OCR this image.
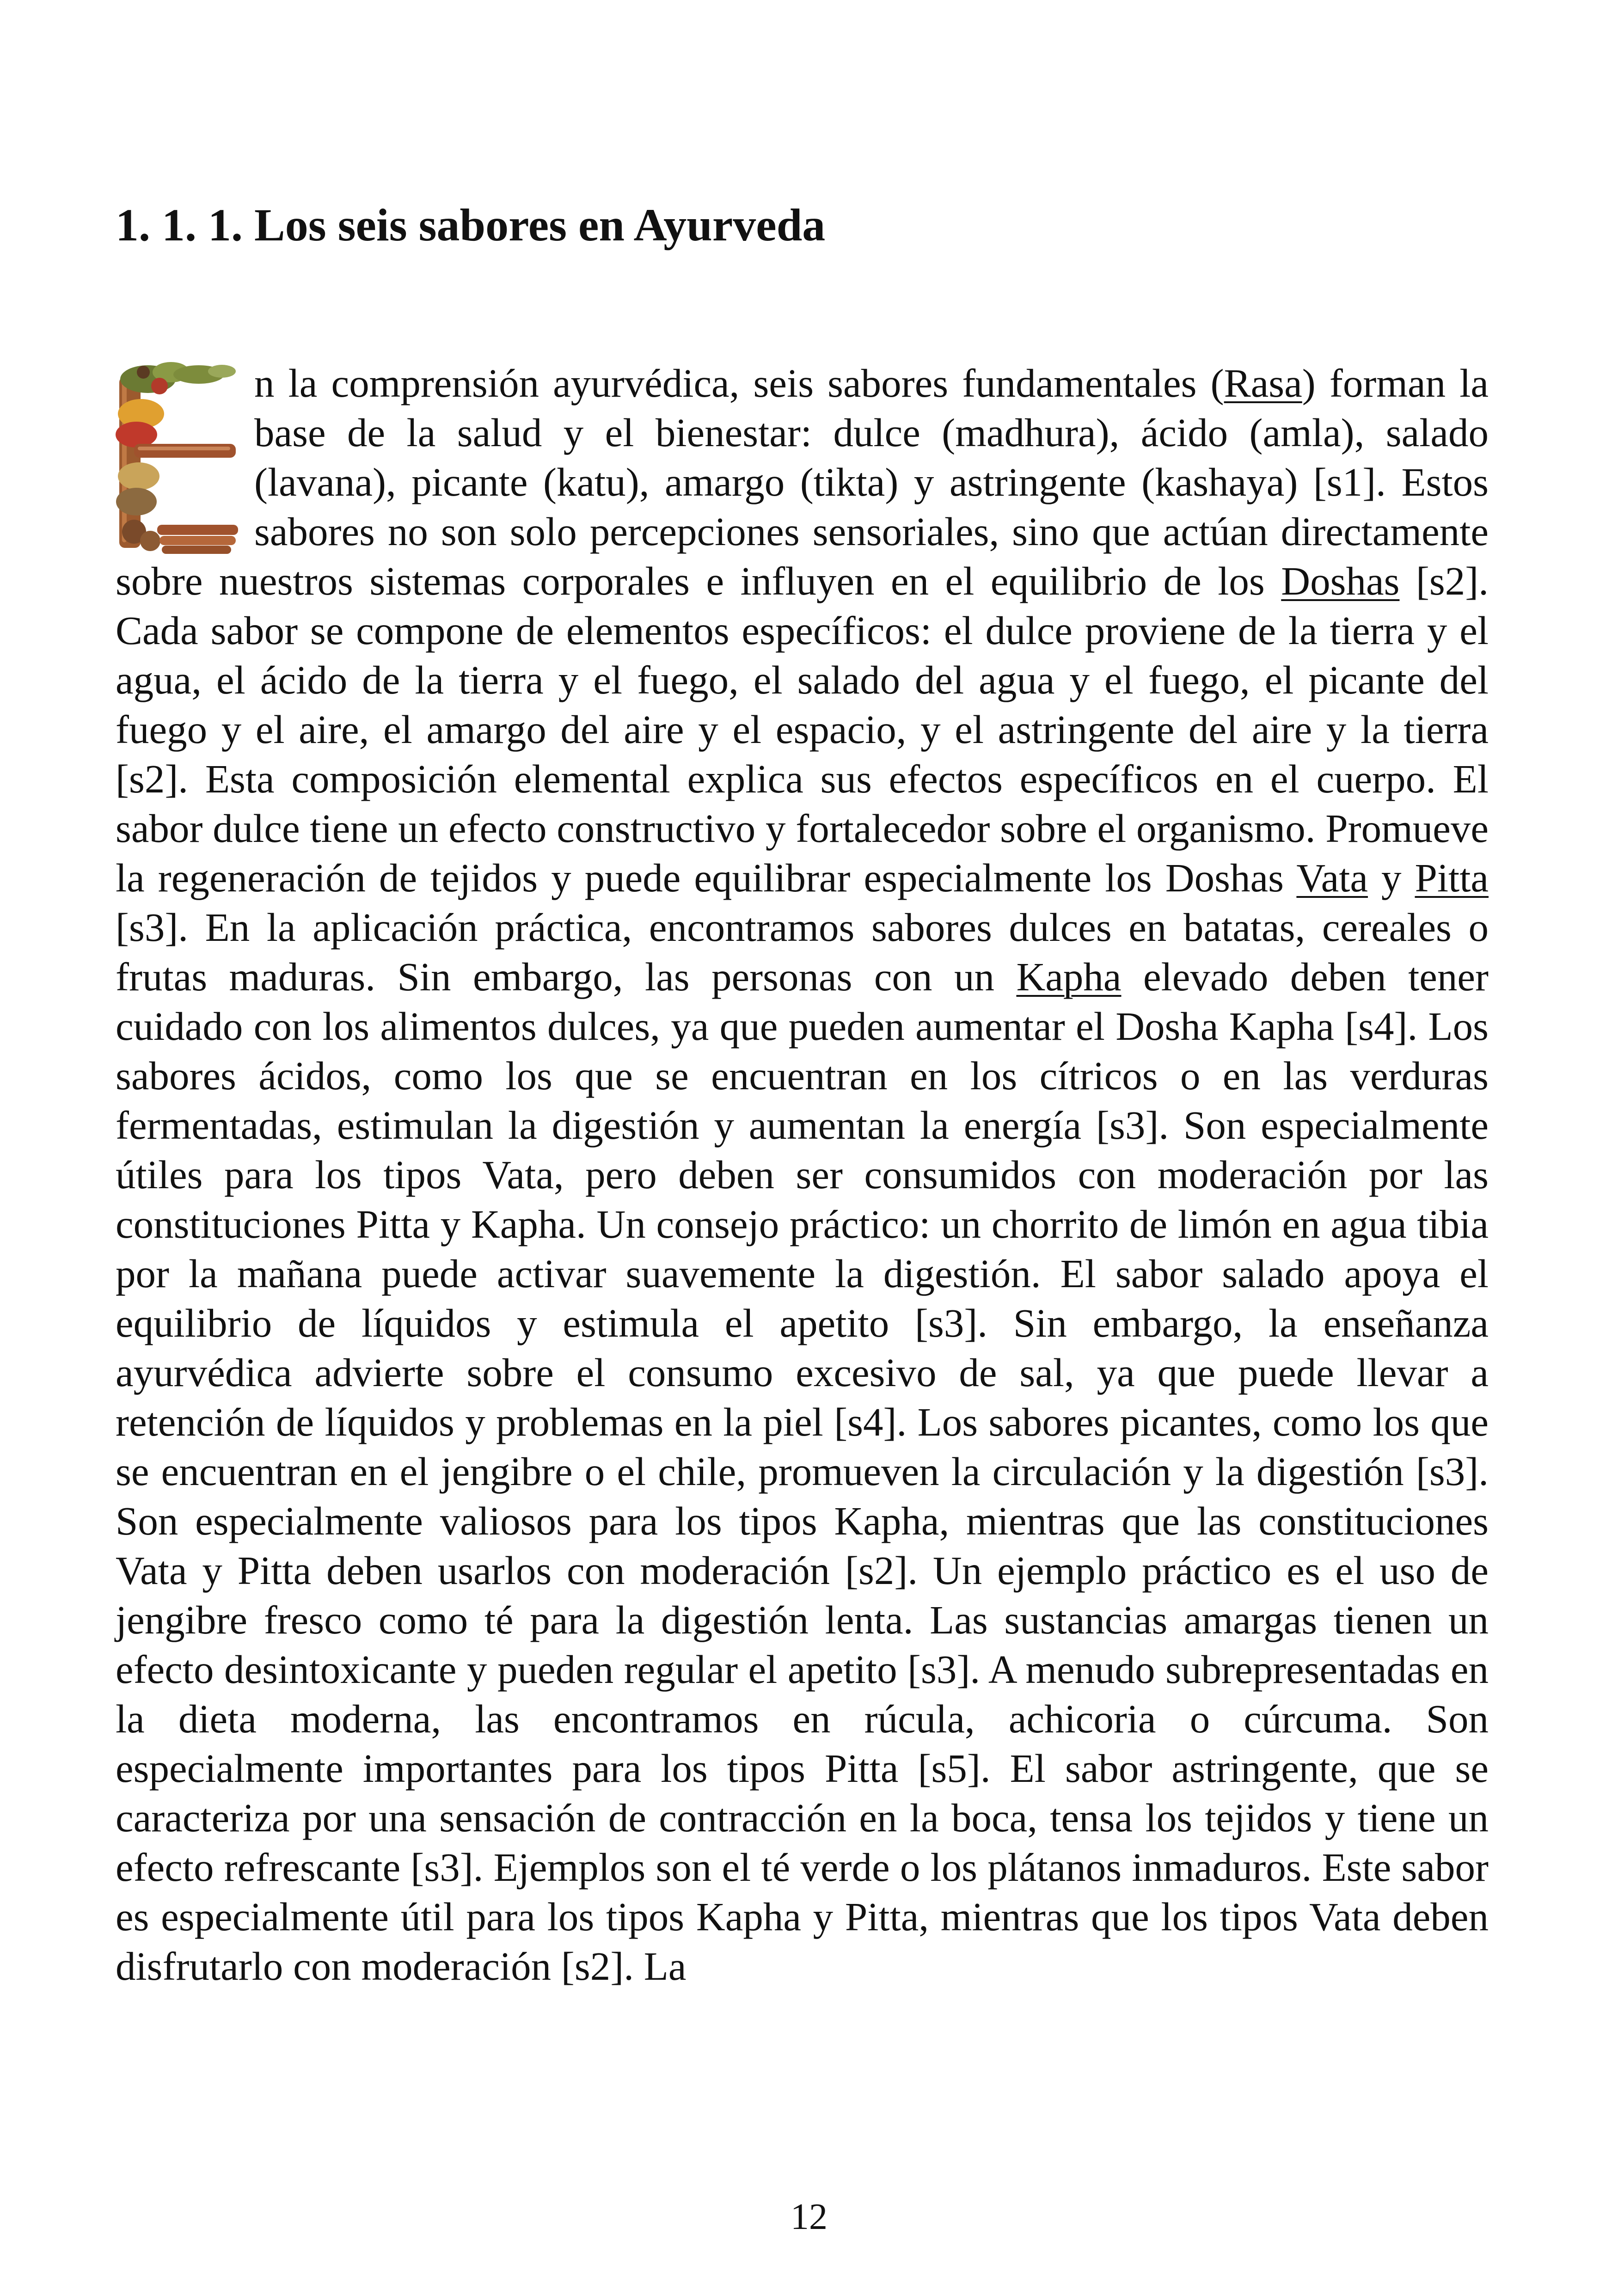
1. 1. 1. Los seis sabores en Ayurveda

n la comprensión ayurvédica, seis sabores fundamentales (Rasa) forman la base de la salud y el bienestar: dulce (madhura), ácido (amla), salado (lavana), picante (katu), amargo (tikta) y astringente (kashaya) [s1]. Estos sabores no son solo percepciones sensoriales, sino que actúan directamente sobre nuestros sistemas corporales e influyen en el equilibrio de los Doshas [s2]. Cada sabor se compone de elementos específicos: el dulce proviene de la tierra y el agua, el ácido de la tierra y el fuego, el salado del agua y el fuego, el picante del fuego y el aire, el amargo del aire y el espacio, y el astringente del aire y la tierra [s2]. Esta composición elemental explica sus efectos específicos en el cuerpo. El sabor dulce tiene un efecto constructivo y fortalecedor sobre el organismo. Promueve la regeneración de tejidos y puede equilibrar especialmente los Doshas Vata y Pitta [s3]. En la aplicación práctica, encontramos sabores dulces en batatas, cereales o frutas maduras. Sin embargo, las personas con un Kapha elevado deben tener cuidado con los alimentos dulces, ya que pueden aumentar el Dosha Kapha [s4]. Los sabores ácidos, como los que se encuentran en los cítricos o en las verduras fermentadas, estimulan la digestión y aumentan la energía [s3]. Son especialmente útiles para los tipos Vata, pero deben ser consumidos con moderación por las constituciones Pitta y Kapha. Un consejo práctico: un chorrito de limón en agua tibia por la mañana puede activar suavemente la digestión. El sabor salado apoya el equilibrio de líquidos y estimula el apetito [s3]. Sin embargo, la enseñanza ayurvédica advierte sobre el consumo excesivo de sal, ya que puede llevar a retención de líquidos y problemas en la piel [s4]. Los sabores picantes, como los que se encuentran en el jengibre o el chile, promueven la circulación y la digestión [s3]. Son especialmente valiosos para los tipos Kapha, mientras que las constituciones Vata y Pitta deben usarlos con moderación [s2]. Un ejemplo práctico es el uso de jengibre fresco como té para la digestión lenta. Las sustancias amargas tienen un efecto desintoxicante y pueden regular el apetito [s3]. A menudo subrepresentadas en la dieta moderna, las encontramos en rúcula, achicoria o cúrcuma. Son especialmente importantes para los tipos Pitta [s5]. El sabor astringente, que se caracteriza por una sensación de contracción en la boca, tensa los tejidos y tiene un efecto refrescante [s3]. Ejemplos son el té verde o los plátanos inmaduros. Este sabor es especialmente útil para los tipos Kapha y Pitta, mientras que los tipos Vata deben disfrutarlo con moderación [s2]. La

12
